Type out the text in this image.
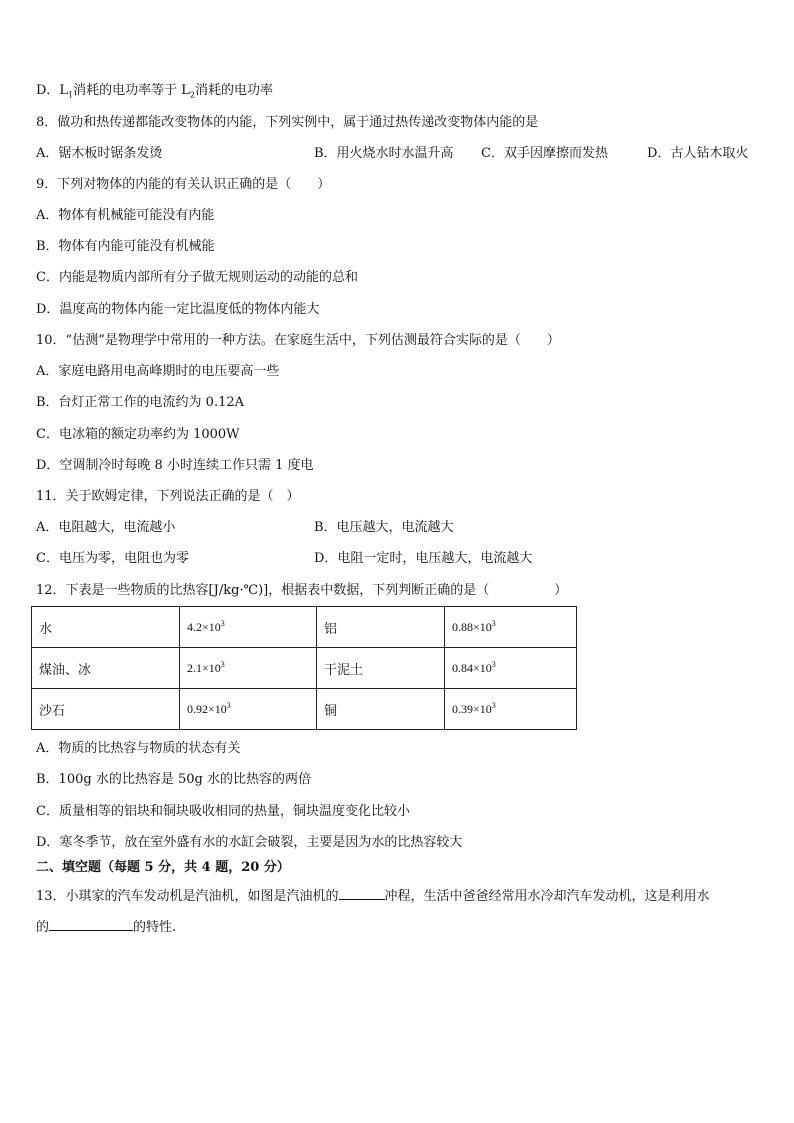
D．$L_1$消耗的电功率等于 $L_2$消耗的电功率
8．做功和热传递都能改变物体的内能，下列实例中，属于通过热传递改变物体内能的是
A．锯木板时锯条发烫	B．用火烧水时水温升高 C．双手因摩擦而发热	D．古人钻木取火
9．下列对物体的内能的有关认识正确的是（　　）
A．物体有机械能可能没有内能
B．物体有内能可能没有机械能
C．内能是物质内部所有分子做无规则运动的动能的总和
D．温度高的物体内能一定比温度低的物体内能大
10．“估测”是物理学中常用的一种方法。在家庭生活中，下列估测最符合实际的是（　　）
A．家庭电路用电高峰期时的电压要高一些
B．台灯正常工作的电流约为 0.12A
C．电冰箱的额定功率约为 1000W
D．空调制冷时每晚 8 小时连续工作只需 1 度电
11．关于欧姆定律，下列说法正确的是（　）
A．电阻越大，电流越小	B．电压越大，电流越大
C．电压为零，电阻也为零	D．电阻一定时，电压越大，电流越大
12．下表是一些物质的比热容[J/kg·℃)]，根据表中数据，下列判断正确的是（　　　　　）
水	$4.2\times 10^3$	铝	$0.88\times 10^3$
煤油、冰	$2.1\times 10^3$	干泥土	$0.84\times 10^3$
沙石	$0.92\times 10^3$	铜	$0.39\times 10^3$
A．物质的比热容与物质的状态有关
B．100g 水的比热容是 50g 水的比热容的两倍
C．质量相等的铝块和铜块吸收相同的热量，铜块温度变化比较小
D．寒冬季节，放在室外盛有水的水缸会破裂，主要是因为水的比热容较大
二、填空题（每题 5 分，共 4 题，20 分）
13．小琪家的汽车发动机是汽油机，如图是汽油机的	冲程，生活中爸爸经常用水冷却汽车发动机，这是利用水
的	的特性.
